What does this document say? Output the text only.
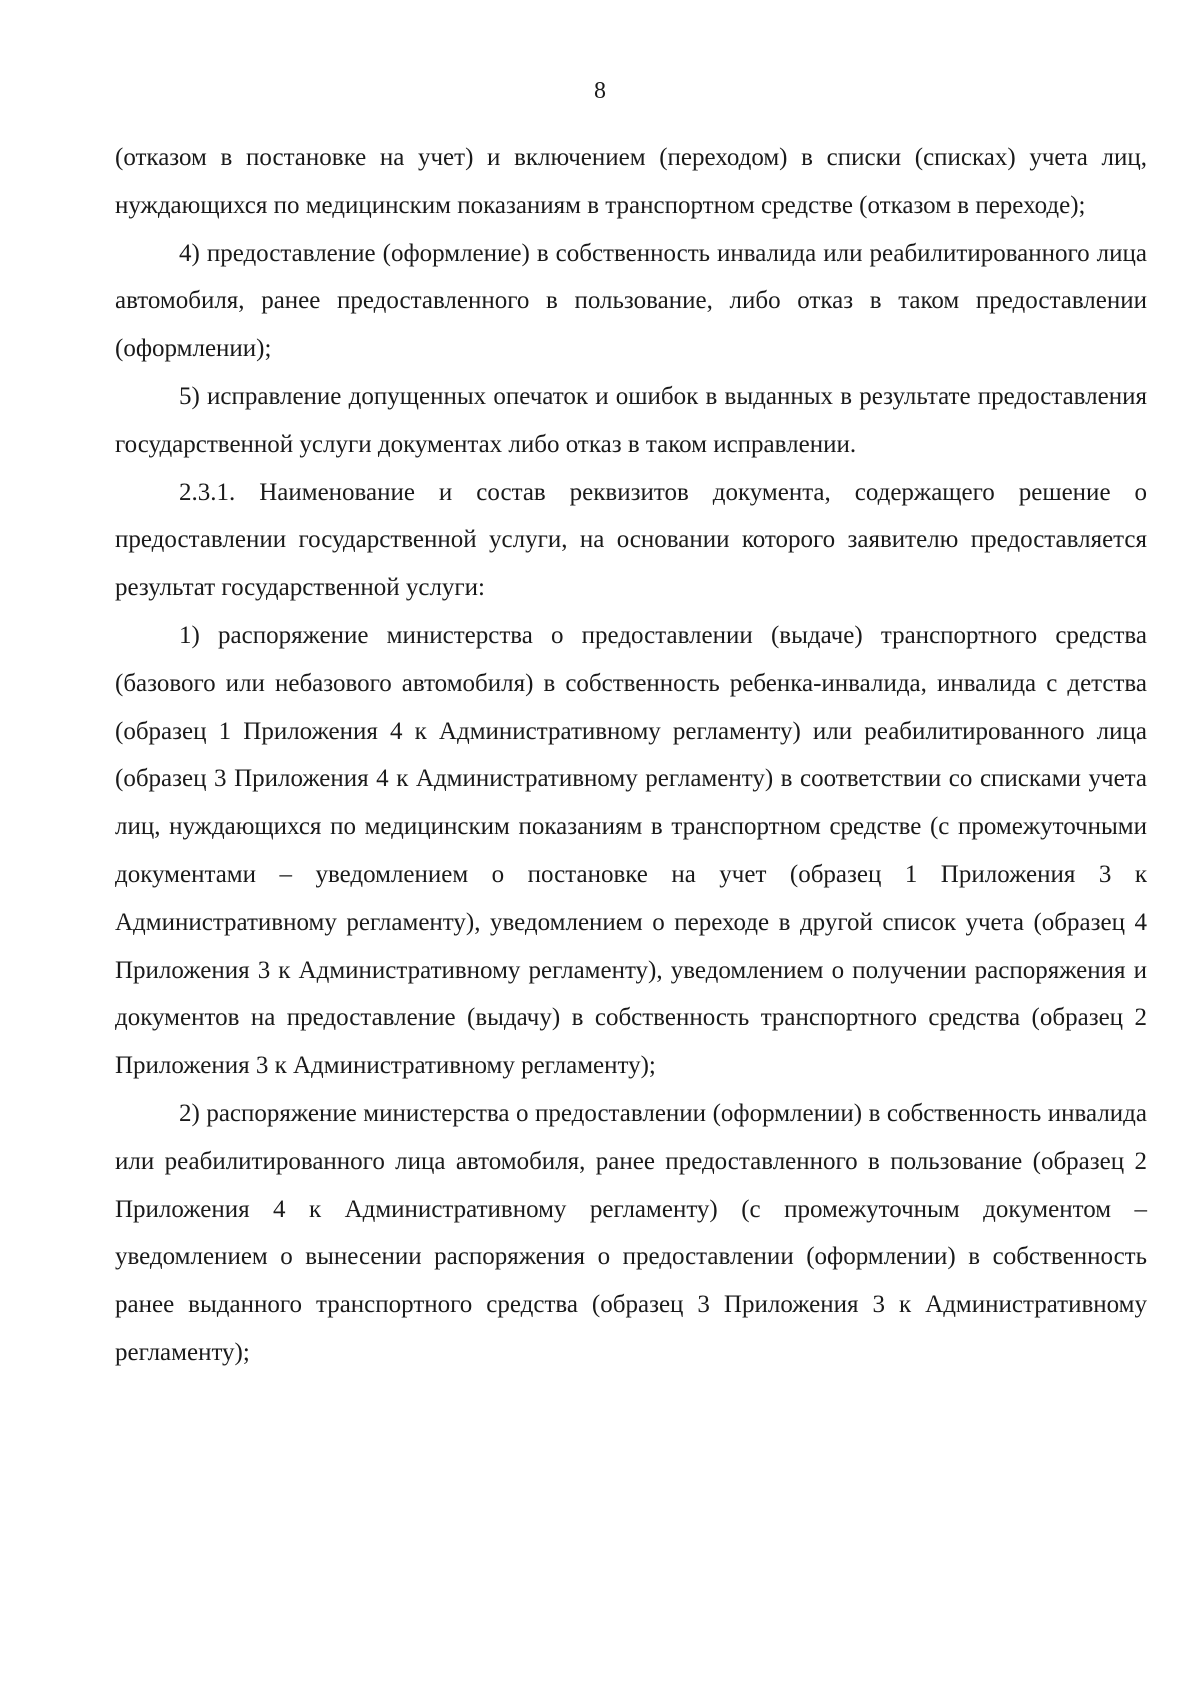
8

(отказом в постановке на учет) и включением (переходом) в списки (списках) учета лиц, нуждающихся по медицинским показаниям в транспортном средстве (отказом в переходе);

4) предоставление (оформление) в собственность инвалида или реабилитированного лица автомобиля, ранее предоставленного в пользование, либо отказ в таком предоставлении (оформлении);

5) исправление допущенных опечаток и ошибок в выданных в результате предоставления государственной услуги документах либо отказ в таком исправлении.

2.3.1. Наименование и состав реквизитов документа, содержащего решение о предоставлении государственной услуги, на основании которого заявителю предоставляется результат государственной услуги:

1) распоряжение министерства о предоставлении (выдаче) транспортного средства (базового или небазового автомобиля) в собственность ребенка-инвалида, инвалида с детства (образец 1 Приложения 4 к Административному регламенту) или реабилитированного лица (образец 3 Приложения 4 к Административному регламенту) в соответствии со списками учета лиц, нуждающихся по медицинским показаниям в транспортном средстве (с промежуточными документами – уведомлением о постановке на учет (образец 1 Приложения 3 к Административному регламенту), уведомлением о переходе в другой список учета (образец 4 Приложения 3 к Административному регламенту), уведомлением о получении распоряжения и документов на предоставление (выдачу) в собственность транспортного средства (образец 2 Приложения 3 к Административному регламенту);

2) распоряжение министерства о предоставлении (оформлении) в собственность инвалида или реабилитированного лица автомобиля, ранее предоставленного в пользование (образец 2 Приложения 4 к Административному регламенту) (с промежуточным документом – уведомлением о вынесении распоряжения о предоставлении (оформлении) в собственность ранее выданного транспортного средства (образец 3 Приложения 3 к Административному регламенту);
